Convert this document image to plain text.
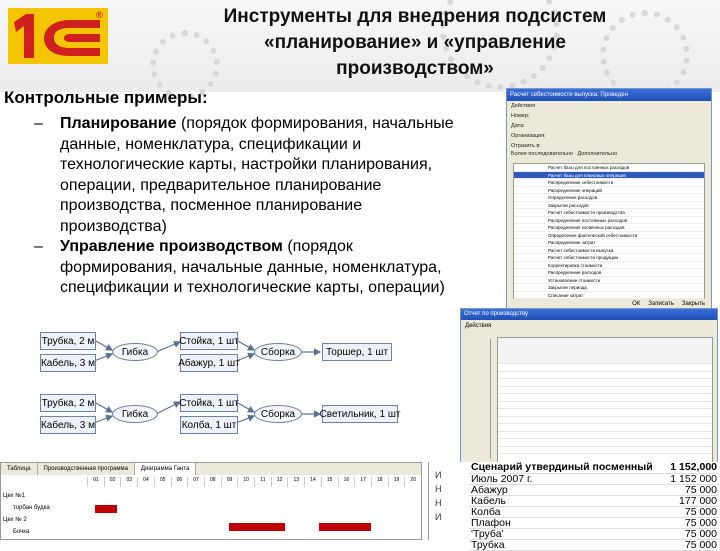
®	Инструменты для внедрения подсистем
«планирование» и «управление
производством»
Контрольные примеры:
– Планирование (порядок формирования, начальные данные, номенклатура, спецификации и технологические карты, настройки планирования, операции, предварительное планирование производства, посменное планирование производства)
– Управление производством (порядок формирования, начальные данные, номенклатура, спецификации и технологические карты, операции)
Трубка, 2 м
Кабель, 3 м
Гибка
Стойка, 1 шт
Абажур, 1 шт
Сборка	Торшер, 1 шт
Трубка, 2 м
Кабель, 3 м
Гибка
Стойка, 1 шт
Колба, 1 шт
Сборка	Светильник, 1 шт
Расчет себестоимости выпуска: Проведен
Действия
Номер:
Дата:
Организация:
Отразить в:
Более последовательно Дополнительно
Расчет базы для постоянных расходов
Расчет базы для плановых операций
Распределение себестоимости
Распределение операций
Определение расходов
Закрытие расходов
Расчет себестоимости производства
Распределение постоянных расходов
Распределение косвенных расходов
Определение фактической себестоимости
Распределение затрат
Расчет себестоимости выпуска
Расчет себестоимости продукции
Корректировка стоимости
Распределение расходов
Установление стоимости
Закрытие периода
Списание затрат
ОК Записать Закрыть
Отчет по производству
Действия
Таблица	Производственная программа	Диаграмма Ганта
01	02	03	04	05	06	07	08	09	10	11	12	13	14	15	16	17	18	19	20
Цех №1
торбан будка
Цех № 2
Бочка
И
Н
Н
И
Сценарий утвердиный посменный	1 152,000
Июль 2007 г.	1 152 000
Абажур	75 000
Кабель	177 000
Колба	75 000
Плафон	75 000
'Труба'	75 000
Трубка	75 000
